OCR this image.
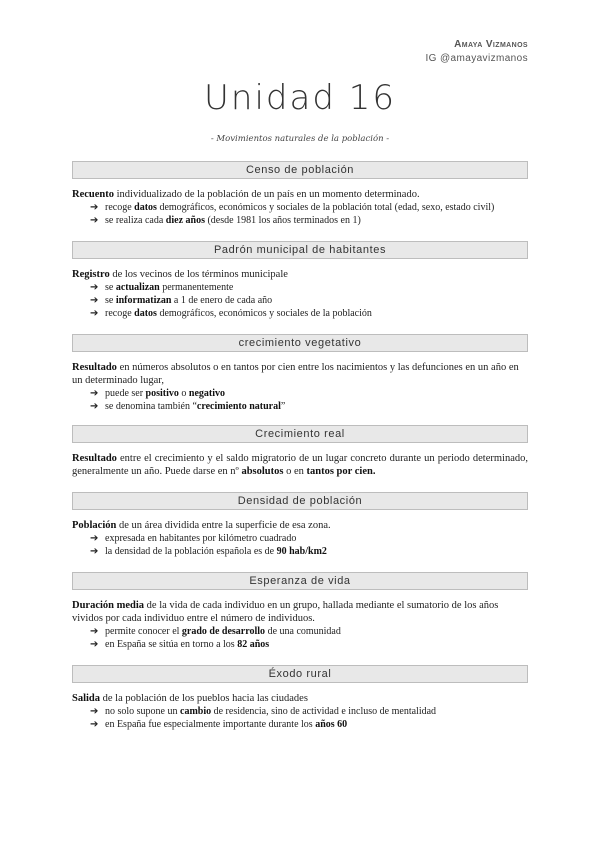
Amaya Vizmanos
IG @amayavizmanos
Unidad 16
- Movimientos naturales de la población -
Censo de población

Recuento individualizado de la población de un país en un momento determinado.

➔ recoge datos demográficos, económicos y sociales de la población total (edad, sexo, estado civil)
➔ se realiza cada diez años (desde 1981 los años terminados en 1)
Padrón municipal de habitantes

Registro de los vecinos de los términos municipale

➔ se actualizan permanentemente
➔ se informatizan a 1 de enero de cada año
➔ recoge datos demográficos, económicos y sociales de la población
crecimiento vegetativo

Resultado en números absolutos o en tantos por cien entre los nacimientos y las defunciones en un año en un determinado lugar,

➔ puede ser positivo o negativo
➔ se denomina también “crecimiento natural”
Crecimiento real

Resultado entre el crecimiento y el saldo migratorio de un lugar concreto durante un periodo determinado, generalmente un año. Puede darse en nº absolutos o en tantos por cien.

Densidad de población

Población de un área dividida entre la superficie de esa zona.

➔ expresada en habitantes por kilómetro cuadrado
➔ la densidad de la población española es de 90 hab/km2
Esperanza de vida

Duración media de la vida de cada individuo en un grupo, hallada mediante el sumatorio de los años vividos por cada individuo entre el número de individuos.

➔ permite conocer el grado de desarrollo de una comunidad
➔ en España se sitúa en torno a los 82 años
Éxodo rural

Salida de la población de los pueblos hacia las ciudades

➔ no solo supone un cambio de residencia, sino de actividad e incluso de mentalidad
➔ en España fue especialmente importante durante los años 60
